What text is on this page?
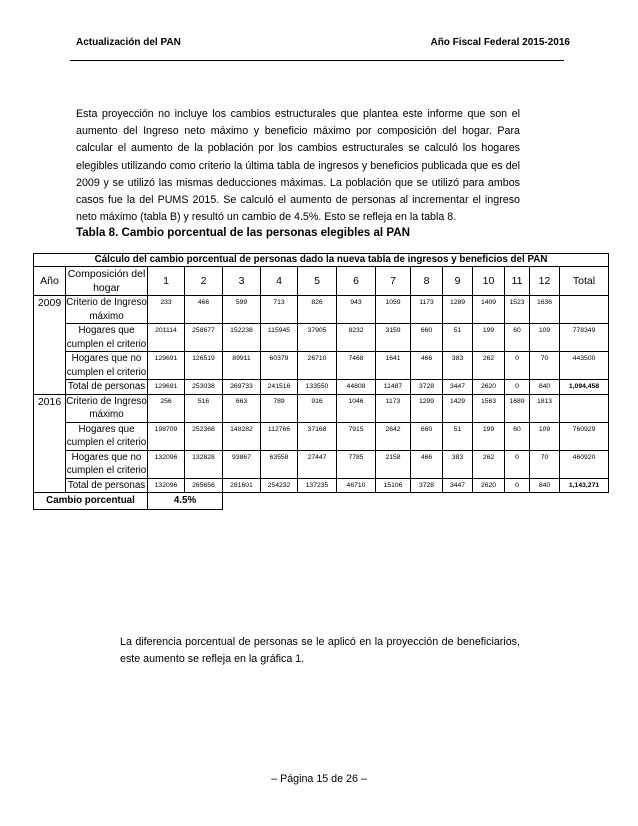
Actualización del PAN	Año Fiscal Federal 2015-2016
Esta proyección no incluye los cambios estructurales que plantea este informe que son el aumento del Ingreso neto máximo y beneficio máximo por composición del hogar. Para calcular el aumento de la población por los cambios estructurales se calculó los hogares elegibles utilizando como criterio la última tabla de ingresos y beneficios publicada que es del 2009 y se utilizó las mismas deducciones máximas. La población que se utilizó para ambos casos fue la del PUMS 2015. Se calculó el aumento de personas al incrementar el ingreso neto máximo (tabla B) y resultó un cambio de 4.5%. Esto se refleja en la tabla 8.
Tabla 8. Cambio porcentual de las personas elegibles al PAN
Cálculo del cambio porcentual de personas dado la nueva tabla de ingresos y beneficios del PAN														
Año	Composición del hogar	1	2	3	4	5	6	7	8	9	10	11	12	Total
2009	Criterio de Ingreso máximo	233	466	599	713	826	943	1059	1173	1289	1409	1523	1636	
	Hogares que cumplen el criterio	201114	258677	152238	115945	37905	8232	3159	660	51	199	60	109	778349
	Hogares que no cumplen el criterio	129691	126519	89911	60379	26710	7468	1641	466	383	262	0	70	443500
	Total de personas	129691	253038	269733	241516	133550	44808	11487	3728	3447	2620	0	840	1,094,458
2016	Criterio de Ingreso máximo	256	516	663	789	916	1046	1173	1299	1429	1563	1689	1813	
	Hogares que cumplen el criterio	198709	252368	148282	112766	37168	7915	2642	660	51	199	60	109	760929
	Hogares que no cumplen el criterio	132096	132828	93867	63558	27447	7785	2158	466	383	262	0	70	460920
	Total de personas	132096	265656	281601	254232	137235	46710	15106	3728	3447	2620	0	840	1,143,271
Cambio porcentual		4.5%												
La diferencia porcentual de personas se le aplicó en la proyección de beneficiarios, este aumento se refleja en la gráfica 1.
– Página 15 de 26 –
